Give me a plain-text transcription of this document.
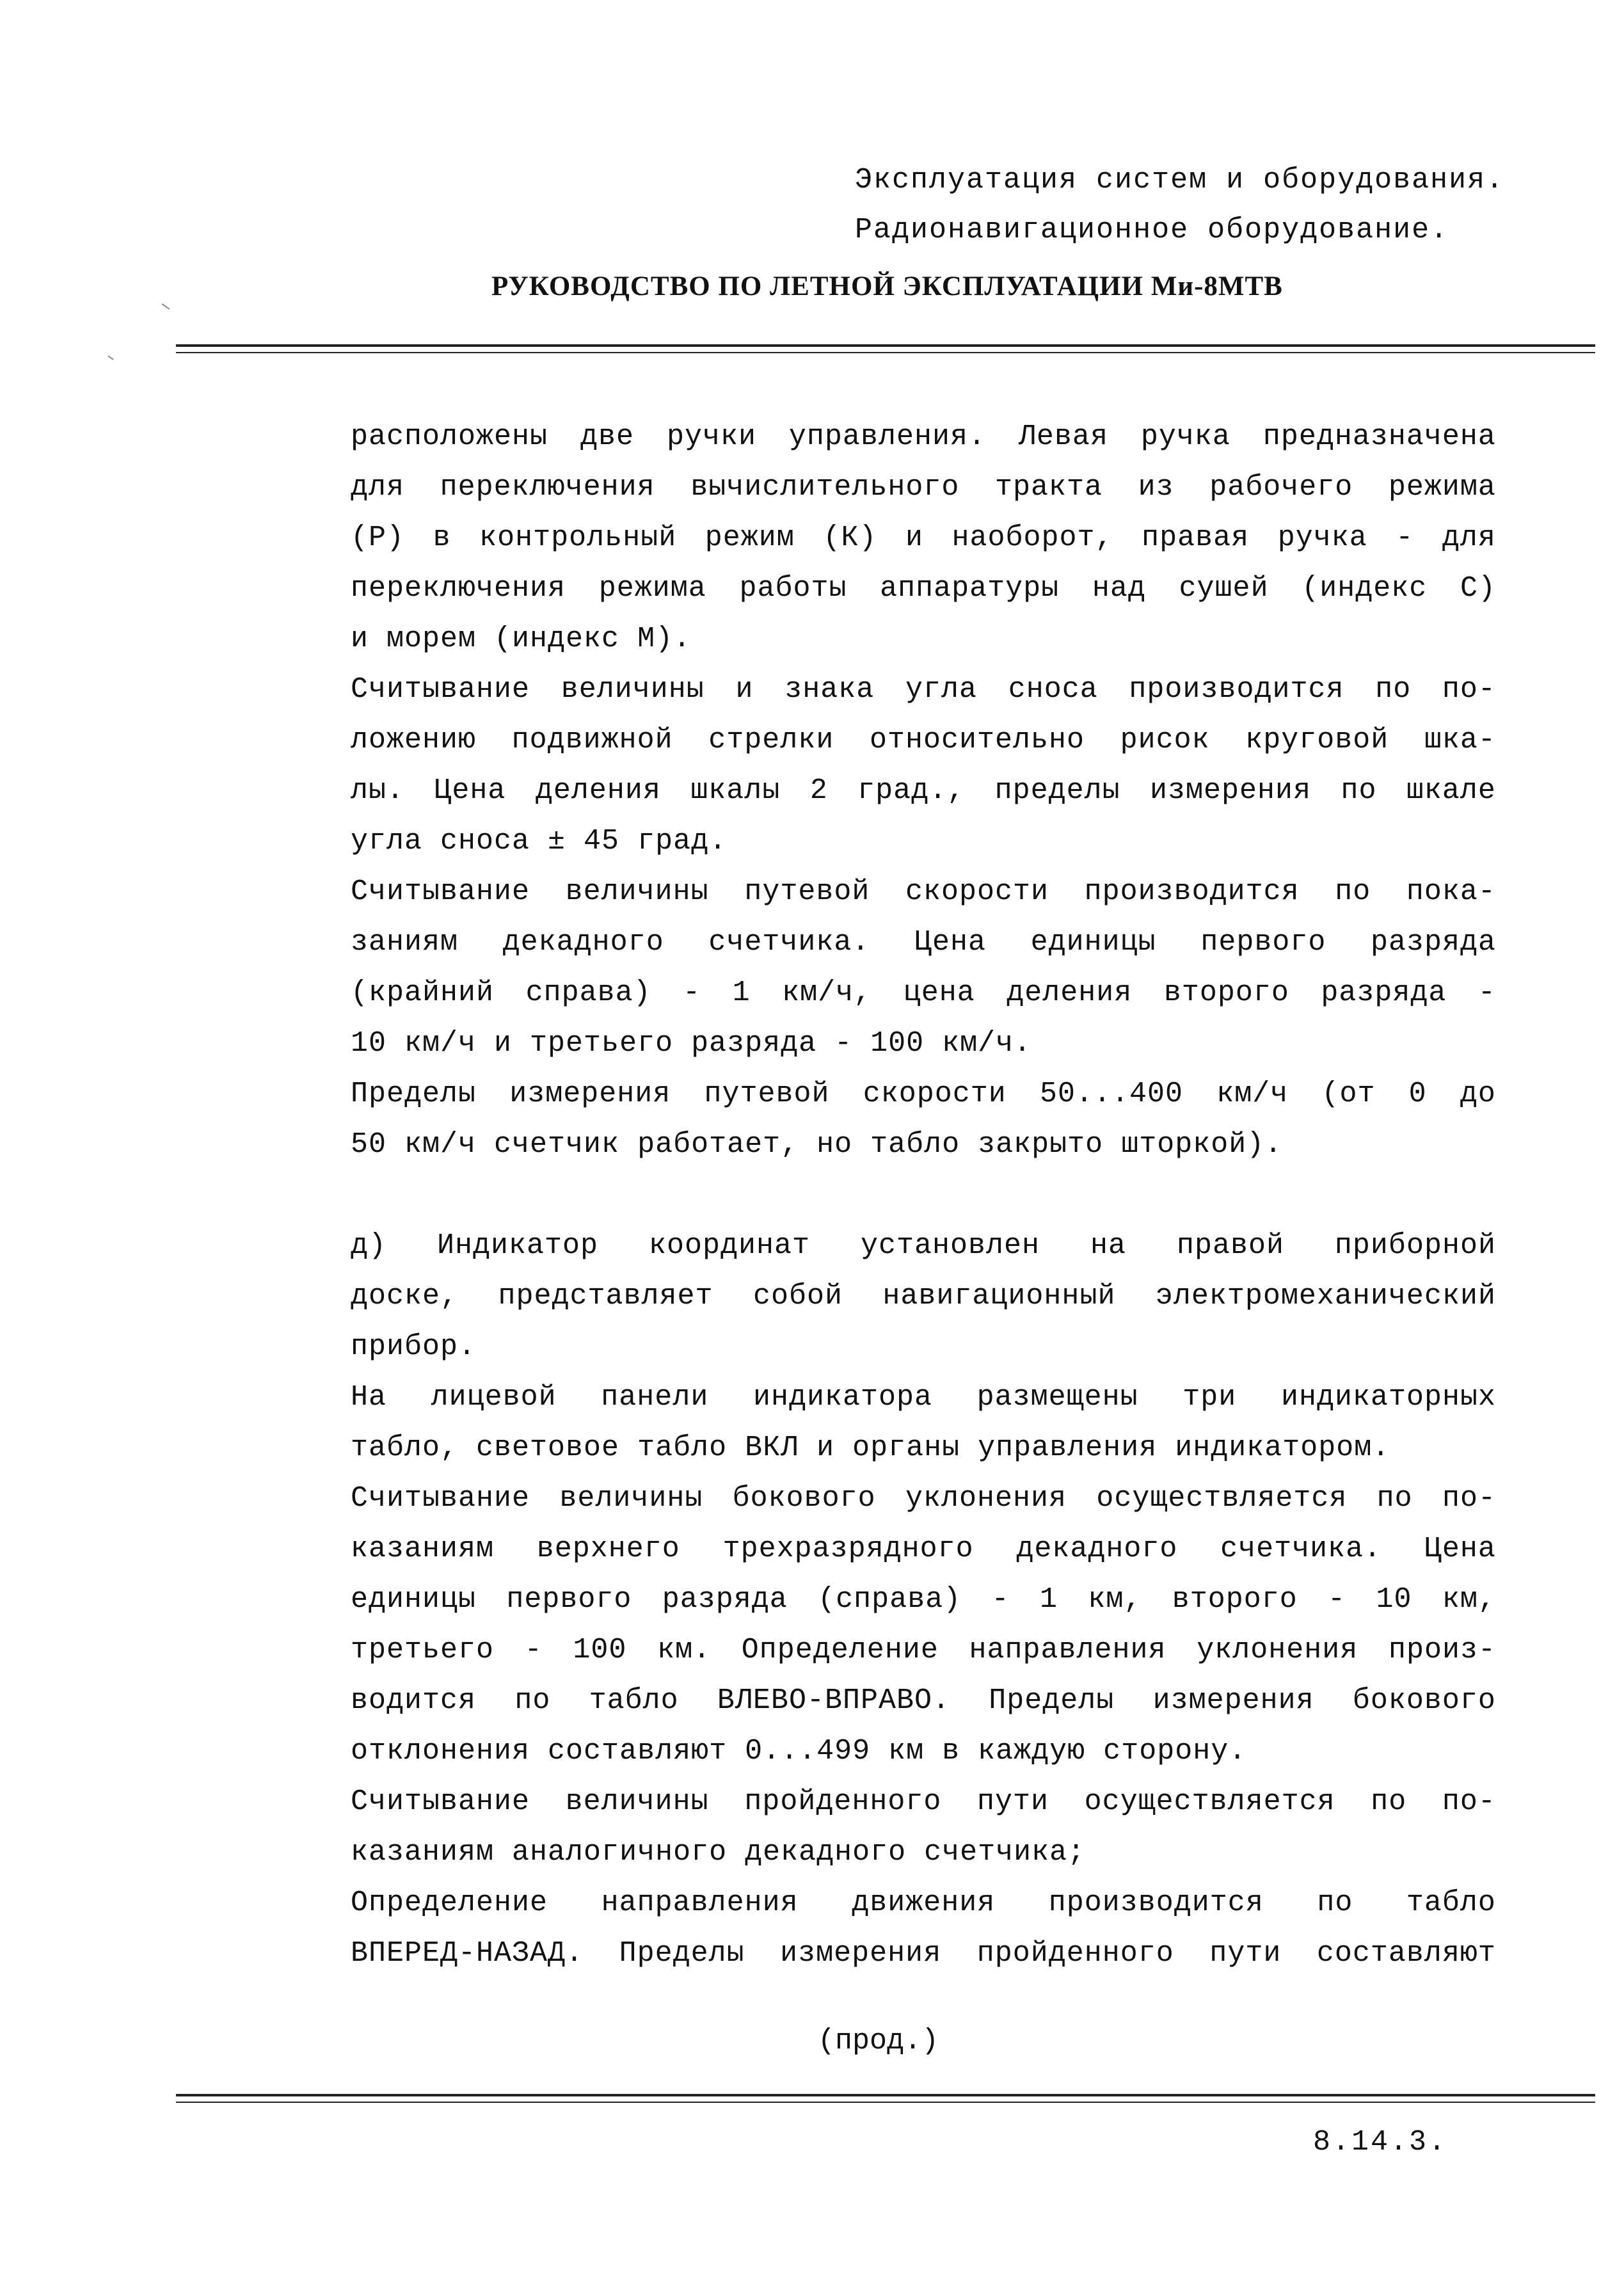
Эксплуатация систем и оборудования.
Радионавигационное оборудование.
РУКОВОДСТВО ПО ЛЕТНОЙ ЭКСПЛУАТАЦИИ Ми-8МТВ
расположены две ручки управления. Левая ручка предназначена
для переключения вычислительного тракта из рабочего режима
(Р) в контрольный режим (К) и наоборот, правая ручка - для
переключения режима работы аппаратуры над сушей (индекс С)
и морем (индекс М).
Считывание величины и знака угла сноса производится по по-
ложению подвижной стрелки относительно рисок круговой шка-
лы. Цена деления шкалы 2 град., пределы измерения по шкале
угла сноса ± 45 град.
Считывание величины путевой скорости производится по пока-
заниям декадного счетчика. Цена единицы первого разряда
(крайний справа) - 1 км/ч, цена деления второго разряда -
10 км/ч и третьего разряда - 100 км/ч.
Пределы измерения путевой скорости 50...400 км/ч (от 0 до
50 км/ч счетчик работает, но табло закрыто шторкой).
д) Индикатор координат установлен на правой приборной
доске, представляет собой навигационный электромеханический
прибор.
На лицевой панели индикатора размещены три индикаторных
табло, световое табло ВКЛ и органы управления индикатором.
Считывание величины бокового уклонения осуществляется по по-
казаниям верхнего трехразрядного декадного счетчика. Цена
единицы первого разряда (справа) - 1 км, второго - 10 км,
третьего - 100 км. Определение направления уклонения произ-
водится по табло ВЛЕВО-ВПРАВО. Пределы измерения бокового
отклонения составляют 0...499 км в каждую сторону.
Считывание величины пройденного пути осуществляется по по-
казаниям аналогичного декадного счетчика;
Определение направления движения производится по табло
ВПЕРЕД-НАЗАД. Пределы измерения пройденного пути составляют
(прод.)
8.14.3.
